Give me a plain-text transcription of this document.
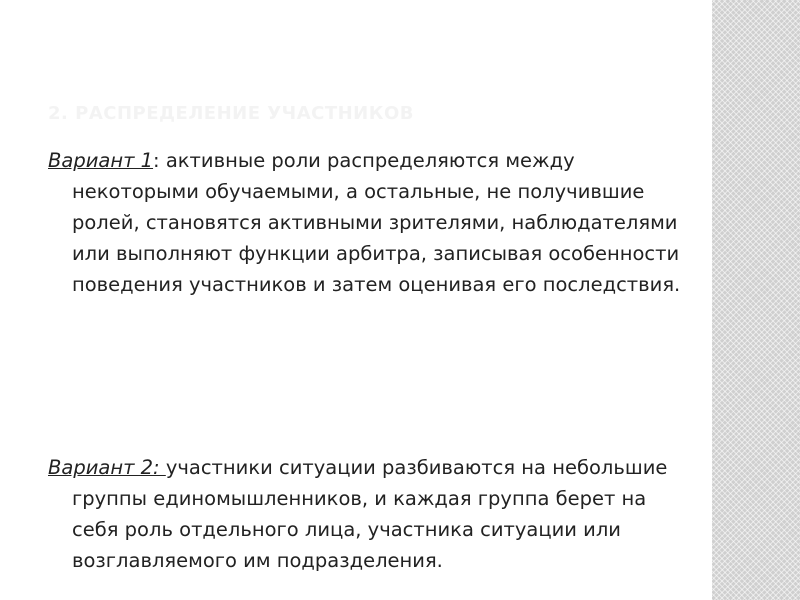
2. РАСПРЕДЕЛЕНИЕ УЧАСТНИКОВ

Вариант 1: активные роли распределяются между некоторыми обучаемыми, а остальные, не получившие ролей, становятся активными зрителями, наблюдателями или выполняют функции арбитра, записывая особенности поведения участников и затем оценивая его последствия.

Вариант 2: участники ситуации разбиваются на небольшие группы единомышленников, и каждая группа берет на себя роль отдельного лица, участника ситуации или возглавляемого им подразделения.
